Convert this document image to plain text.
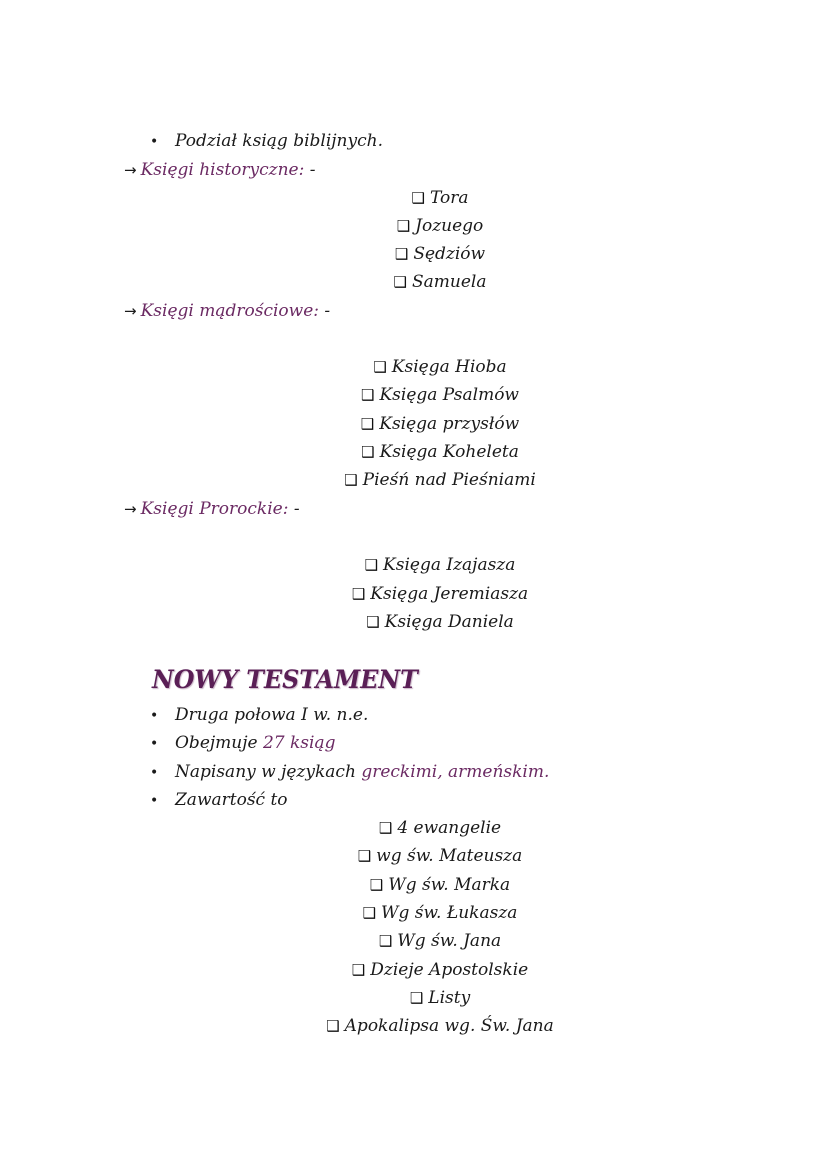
• Podział ksiąg biblijnych.
→ Księgi historyczne: -
❑ Tora
❑ Jozuego
❑ Sędziów
❑ Samuela
→ Księgi mądrościowe: -
❑ Księga Hioba
❑ Księga Psalmów
❑ Księga przysłów
❑ Księga Koheleta
❑ Pieśń nad Pieśniami
→ Księgi Prorockie: -
❑ Księga Izajasza
❑ Księga Jeremiasza
❑ Księga Daniela
NOWY TESTAMENT
• Druga połowa I w. n.e.
• Obejmuje 27 ksiąg
• Napisany w językach greckimi, armeńskim.
• Zawartość to
❑ 4 ewangelie
❑ wg św. Mateusza
❑ Wg św. Marka
❑ Wg św. Łukasza
❑ Wg św. Jana
❑ Dzieje Apostolskie
❑ Listy
❑ Apokalipsa wg. Św. Jana
